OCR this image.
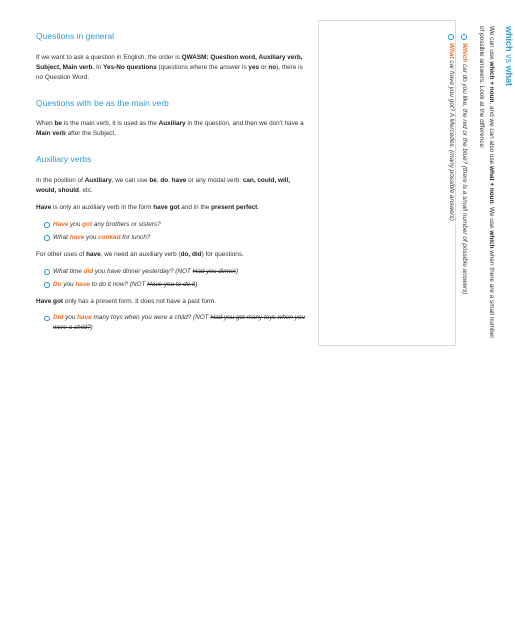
Questions in general

If we want to ask a question in English, the order is QWASM: Question word, Auxiliary verb, Subject, Main verb. In Yes-No questions (questions where the answer is yes or no), there is no Question Word.

Questions with be as the main verb

When be is the main verb, it is used as the Auxiliary in the question, and then we don't have a Main verb after the Subject.

Auxiliary verbs

In the position of Auxiliary, we can use be, do, have or any modal verb: can, could, will, would, should, etc.

Have is only an auxiliary verb in the form have got and in the present perfect.

Have you got any brothers or sisters?
What have you cooked for lunch?

For other uses of have, we need an auxiliary verb (do, did) for questions.

What time did you have dinner yesterday? (NOT Had you dinner)
Do you have to do it now? (NOT Have you to do it)

Have got only has a present form. It does not have a past form.

Did you have many toys when you were a child? (NOT Had you got many toys when you were a child?)
which vs what

We can use which + noun, and we can also use what + noun. We use which when there are a small number of possible answers. Look at the difference:

Which car do you like, the red or the blue? (there is a small number of possible answers)
What car have you got? A Mercedes. (many possible answers)
